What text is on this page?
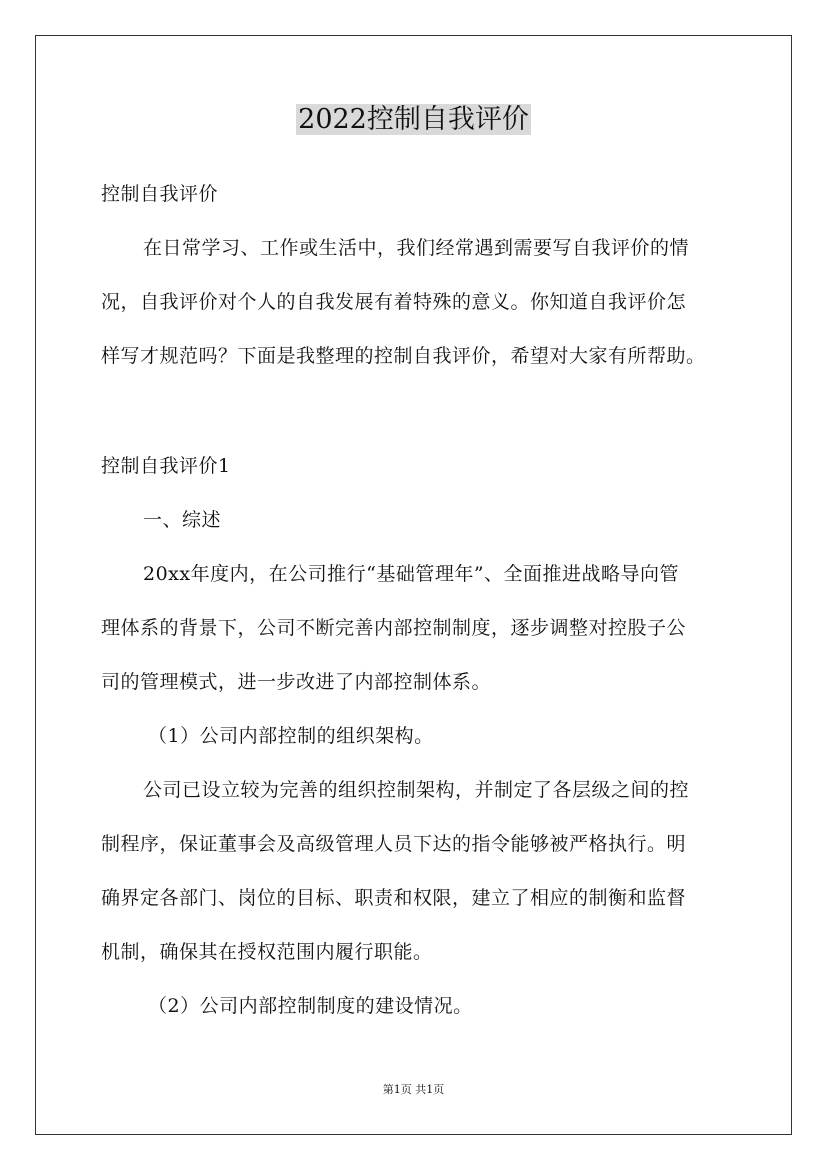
2022控制自我评价
控制自我评价
在日常学习、工作或生活中，我们经常遇到需要写自我评价的情
况，自我评价对个人的自我发展有着特殊的意义。你知道自我评价怎
样写才规范吗？下面是我整理的控制自我评价，希望对大家有所帮助。
控制自我评价1
一、综述
20xx年度内，在公司推行“基础管理年”、全面推进战略导向管
理体系的背景下，公司不断完善内部控制制度，逐步调整对控股子公
司的管理模式，进一步改进了内部控制体系。
（1）公司内部控制的组织架构。
公司已设立较为完善的组织控制架构，并制定了各层级之间的控
制程序，保证董事会及高级管理人员下达的指令能够被严格执行。明
确界定各部门、岗位的目标、职责和权限，建立了相应的制衡和监督
机制，确保其在授权范围内履行职能。
（2）公司内部控制制度的建设情况。
第1页 共1页
